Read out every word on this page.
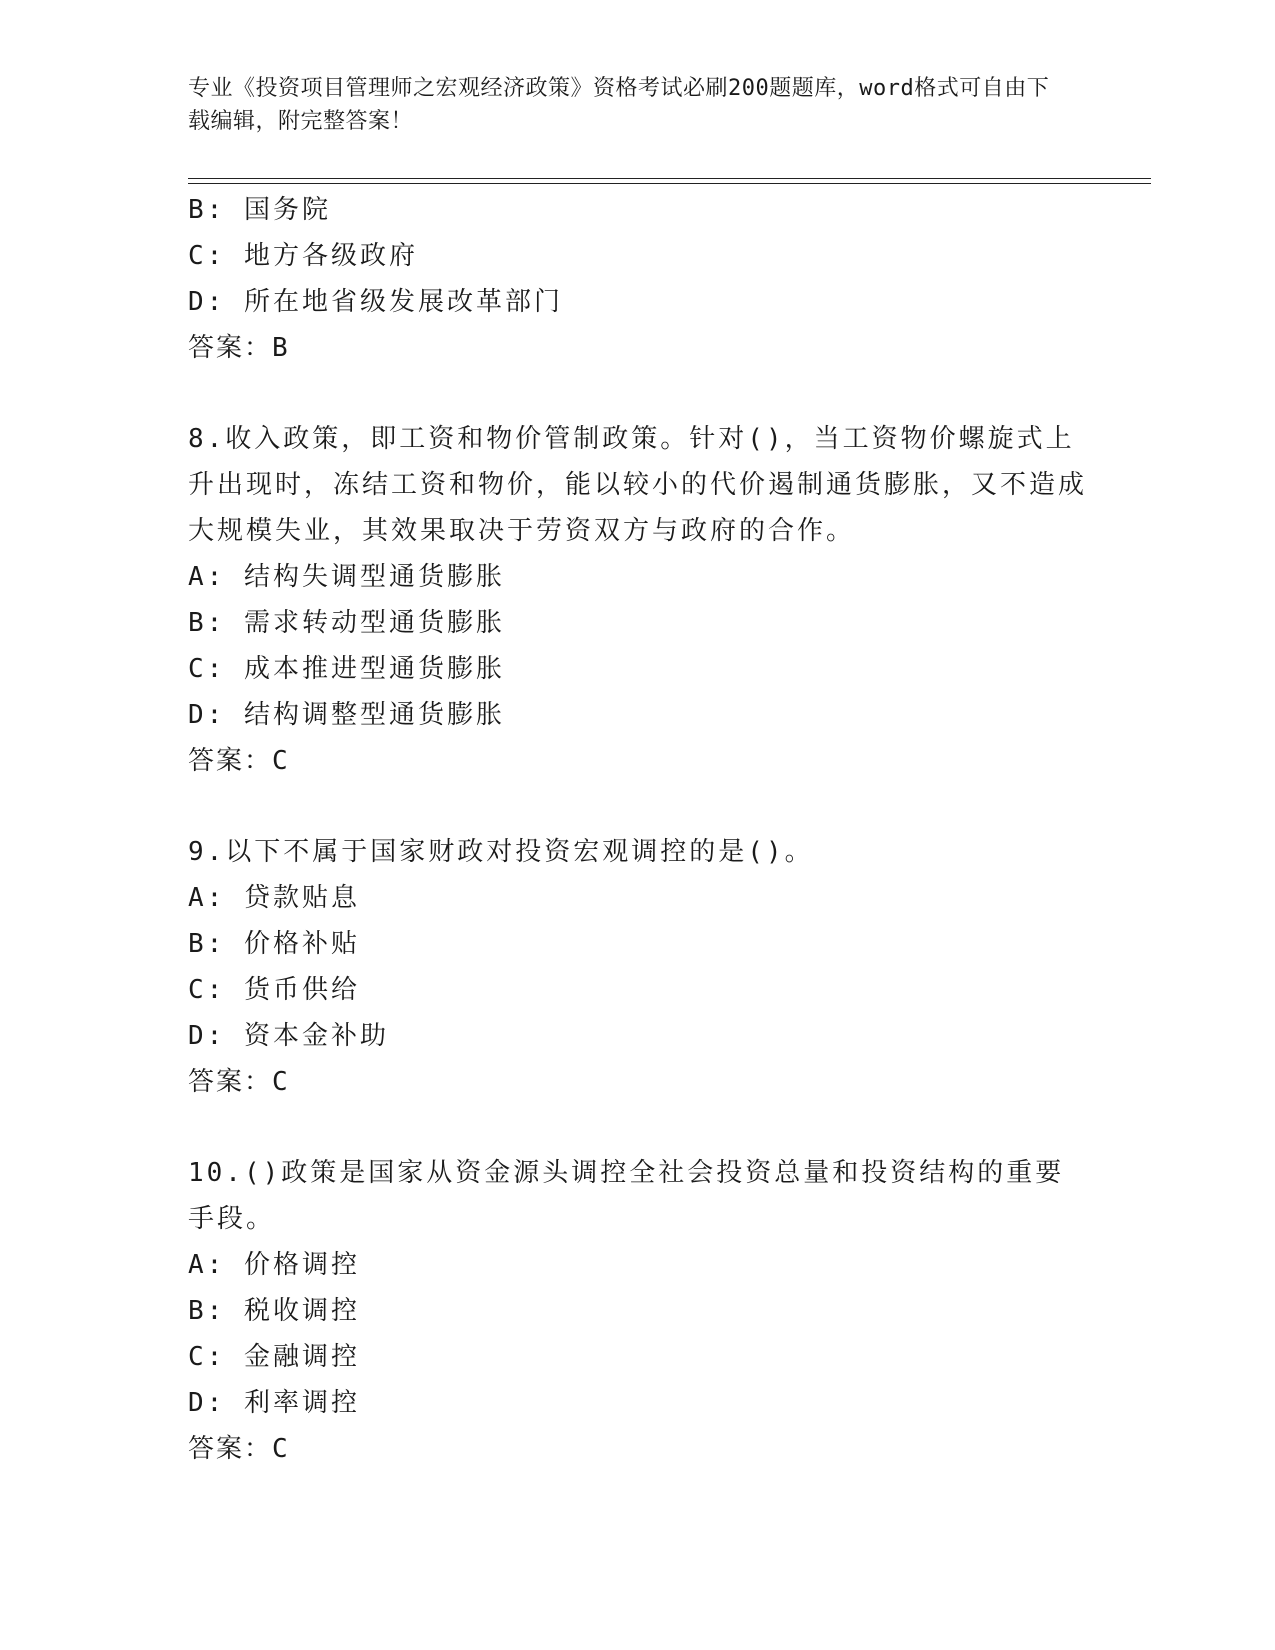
专业《投资项目管理师之宏观经济政策》资格考试必刷200题题库，word格式可自由下载编辑，附完整答案！
B: 国务院
C: 地方各级政府
D: 所在地省级发展改革部门
答案：B
8.收入政策，即工资和物价管制政策。针对()，当工资物价螺旋式上升出现时，冻结工资和物价，能以较小的代价遏制通货膨胀，又不造成大规模失业，其效果取决于劳资双方与政府的合作。
A: 结构失调型通货膨胀
B: 需求转动型通货膨胀
C: 成本推进型通货膨胀
D: 结构调整型通货膨胀
答案：C
9.以下不属于国家财政对投资宏观调控的是()。
A: 贷款贴息
B: 价格补贴
C: 货币供给
D: 资本金补助
答案：C
10.()政策是国家从资金源头调控全社会投资总量和投资结构的重要手段。
A: 价格调控
B: 税收调控
C: 金融调控
D: 利率调控
答案：C
